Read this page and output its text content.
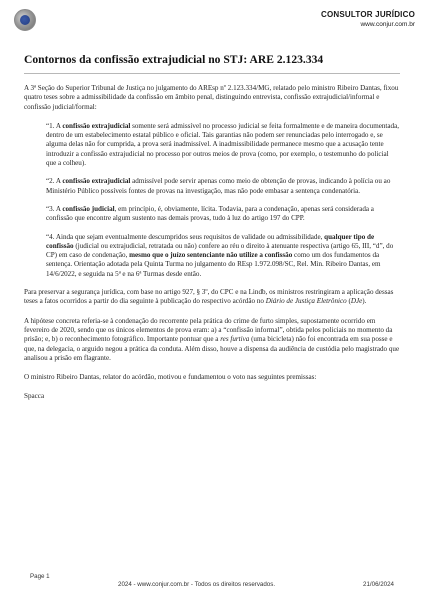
CONSULTOR JURÍDICO
www.conjur.com.br
Contornos da confissão extrajudicial no STJ: ARE 2.123.334

A 3ª Seção do Superior Tribunal de Justiça no julgamento do AREsp nº 2.123.334/MG, relatado pelo ministro Ribeiro Dantas, fixou quatro teses sobre a admissibilidade da confissão em âmbito penal, distinguindo entrevista, confissão extrajudicial/informal e confissão judicial/formal:

“1. A confissão extrajudicial somente será admissível no processo judicial se feita formalmente e de maneira documentada, dentro de um estabelecimento estatal público e oficial. Tais garantias não podem ser renunciadas pelo interrogado e, se alguma delas não for cumprida, a prova será inadmissível. A inadmissibilidade permanece mesmo que a acusação tente introduzir a confissão extrajudicial no processo por outros meios de prova (como, por exemplo, o testemunho do policial que a colheu).

“2. A confissão extrajudicial admissível pode servir apenas como meio de obtenção de provas, indicando à polícia ou ao Ministério Público possíveis fontes de provas na investigação, mas não pode embasar a sentença condenatória.

“3. A confissão judicial, em princípio, é, obviamente, lícita. Todavia, para a condenação, apenas será considerada a confissão que encontre algum sustento nas demais provas, tudo à luz do artigo 197 do CPP.

“4. Ainda que sejam eventualmente descumpridos seus requisitos de validade ou admissibilidade, qualquer tipo de confissão (judicial ou extrajudicial, retratada ou não) confere ao réu o direito à atenuante respectiva (artigo 65, III, “d”, do CP) em caso de condenação, mesmo que o juízo sentenciante não utilize a confissão como um dos fundamentos da sentença. Orientação adotada pela Quinta Turma no julgamento do REsp 1.972.098/SC, Rel. Min. Ribeiro Dantas, em 14/6/2022, e seguida na 5ª e na 6ª Turmas desde então.

Para preservar a segurança jurídica, com base no artigo 927, § 3º, do CPC e na Lindb, os ministros restringiram a aplicação dessas teses a fatos ocorridos a partir do dia seguinte à publicação do respectivo acórdão no Diário de Justiça Eletrônico (DJe).

A hipótese concreta referia-se à condenação do recorrente pela prática do crime de furto simples, supostamente ocorrido em fevereiro de 2020, sendo que os únicos elementos de prova eram: a) a “confissão informal”, obtida pelos policiais no momento da prisão; e, b) o reconhecimento fotográfico. Importante pontuar que a res furtiva (uma bicicleta) não foi encontrada em sua posse e que, na delegacia, o arguido negou a prática da conduta. Além disso, houve a dispensa da audiência de custódia pelo magistrado que analisou a prisão em flagrante.

O ministro Ribeiro Dantas, relator do acórdão, motivou e fundamentou o voto nas seguintes premissas:

Spacca

Page 1
2024 - www.conjur.com.br - Todos os direitos reservados.	21/06/2024
